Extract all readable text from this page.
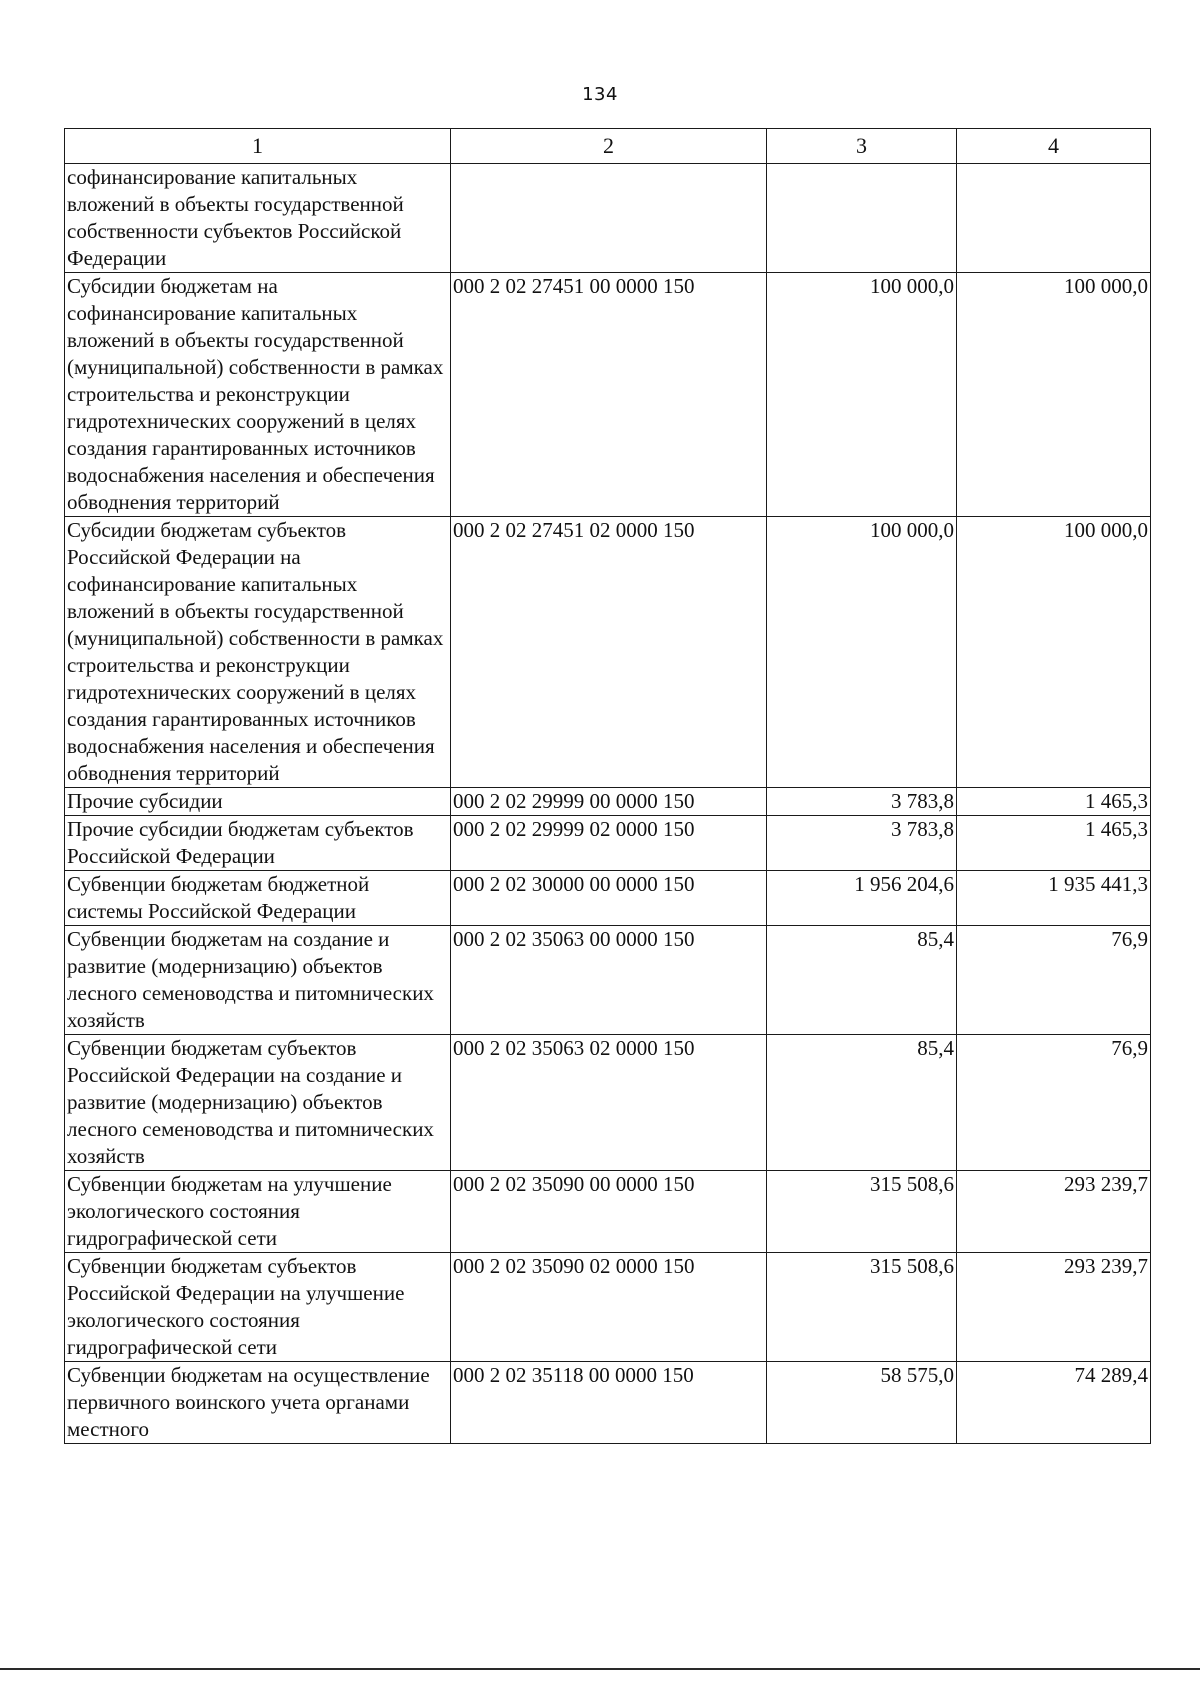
134
1	2	3	4
софинансирование капитальных вложений в объекты государственной собственности субъектов Российской Федерации			
Субсидии бюджетам на софинансирование капитальных вложений в объекты государственной (муниципальной) собственности в рамках строительства и реконструкции гидротехнических сооружений в целях создания гарантированных источников водоснабжения населения и обеспечения обводнения территорий	000 2 02 27451 00 0000 150	100 000,0	100 000,0
Субсидии бюджетам субъектов Российской Федерации на софинансирование капитальных вложений в объекты государственной (муниципальной) собственности в рамках строительства и реконструкции гидротехнических сооружений в целях создания гарантированных источников водоснабжения населения и обеспечения обводнения территорий	000 2 02 27451 02 0000 150	100 000,0	100 000,0
Прочие субсидии	000 2 02 29999 00 0000 150	3 783,8	1 465,3
Прочие субсидии бюджетам субъектов Российской Федерации	000 2 02 29999 02 0000 150	3 783,8	1 465,3
Субвенции бюджетам бюджетной системы Российской Федерации	000 2 02 30000 00 0000 150	1 956 204,6	1 935 441,3
Субвенции бюджетам на создание и развитие (модернизацию) объектов лесного семеноводства и питомнических хозяйств	000 2 02 35063 00 0000 150	85,4	76,9
Субвенции бюджетам субъектов Российской Федерации на создание и развитие (модернизацию) объектов лесного семеноводства и питомнических хозяйств	000 2 02 35063 02 0000 150	85,4	76,9
Субвенции бюджетам на улучшение экологического состояния гидрографической сети	000 2 02 35090 00 0000 150	315 508,6	293 239,7
Субвенции бюджетам субъектов Российской Федерации на улучшение экологического состояния гидрографической сети	000 2 02 35090 02 0000 150	315 508,6	293 239,7
Субвенции бюджетам на осуществление первичного воинского учета органами местного	000 2 02 35118 00 0000 150	58 575,0	74 289,4
